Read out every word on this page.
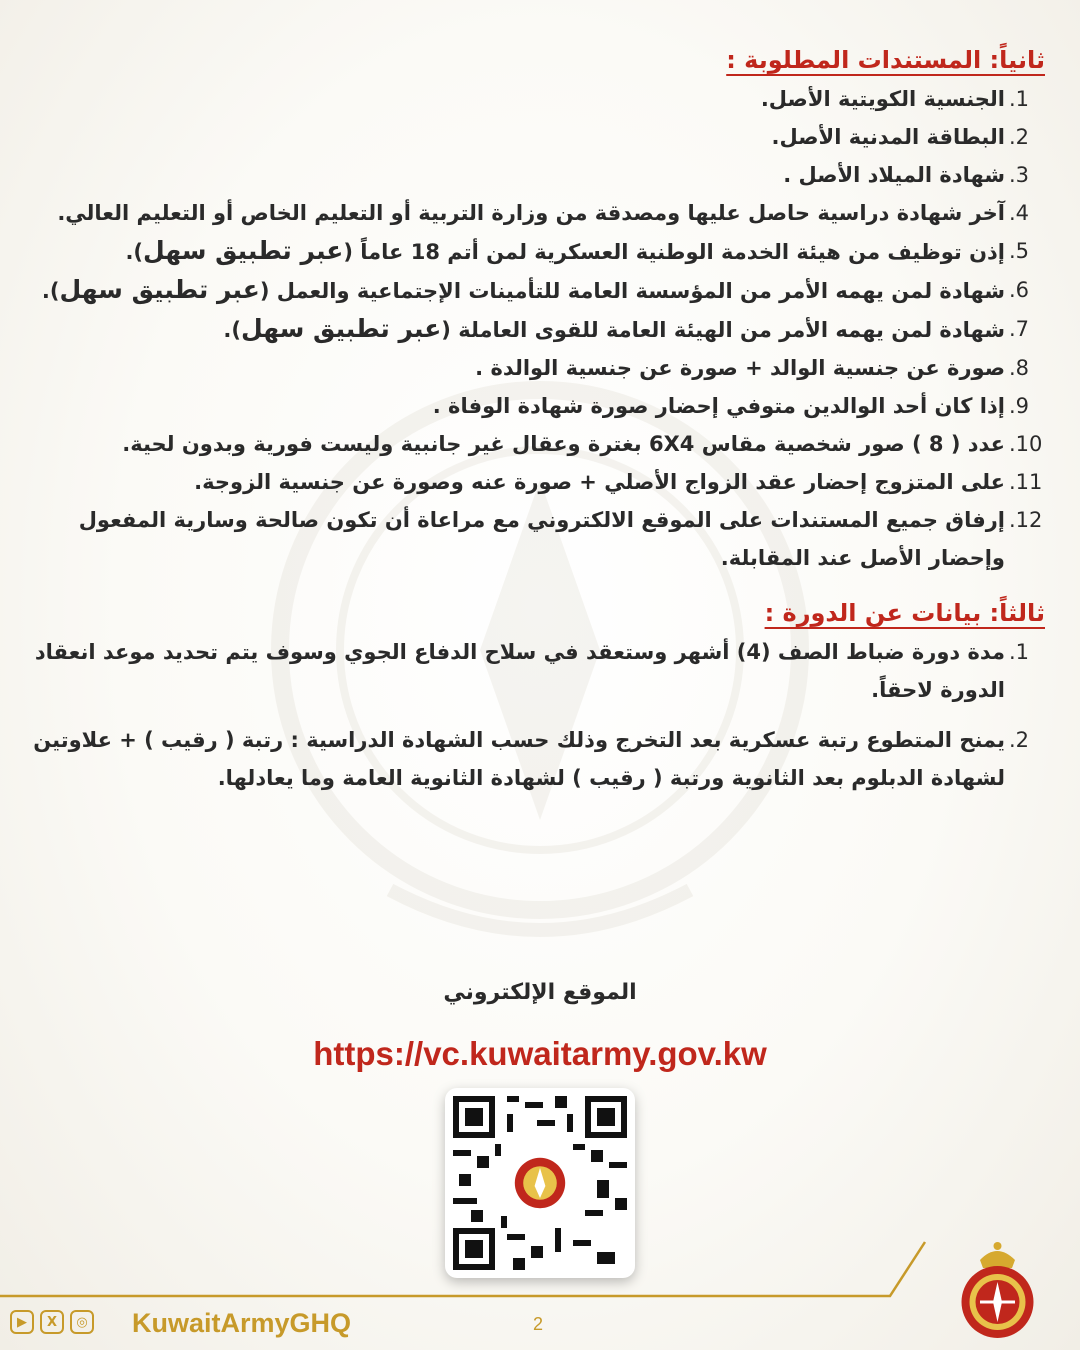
ثانياً: المستندات المطلوبة :
.1
الجنسية الكويتية الأصل.
.2
البطاقة المدنية الأصل.
.3
شهادة الميلاد الأصل .
.4
آخر شهادة دراسية حاصل عليها ومصدقة من وزارة التربية أو التعليم الخاص أو التعليم العالي.
.5
إذن توظيف من هيئة الخدمة الوطنية العسكرية لمن أتم 18 عاماً (عبر تطبيق سهل).
.6
شهادة لمن يهمه الأمر من المؤسسة العامة للتأمينات الإجتماعية والعمل (عبر تطبيق سهل).
.7
شهادة لمن يهمه الأمر من الهيئة العامة للقوى العاملة (عبر تطبيق سهل).
.8
صورة عن جنسية الوالد + صورة عن جنسية الوالدة .
.9
إذا كان أحد الوالدين متوفي إحضار صورة شهادة الوفاة .
.10
عدد ( 8 ) صور شخصية مقاس 6X4 بغترة وعقال غير جانبية وليست فورية وبدون لحية.
.11
على المتزوج إحضار عقد الزواج الأصلي + صورة عنه وصورة عن جنسية الزوجة.
.12
إرفاق جميع المستندات على الموقع الالكتروني مع مراعاة أن تكون صالحة وسارية المفعول وإحضار الأصل عند المقابلة.
ثالثاً: بيانات عن الدورة :
.1
مدة دورة ضباط الصف (4) أشهر وستعقد في سلاح الدفاع الجوي وسوف يتم تحديد موعد انعقاد الدورة لاحقاً.
.2
يمنح المتطوع رتبة عسكرية بعد التخرج وذلك حسب الشهادة الدراسية : رتبة ( رقيب ) + علاوتين لشهادة الدبلوم بعد الثانوية ورتبة ( رقيب ) لشهادة الثانوية العامة وما يعادلها.
الموقع الإلكتروني
https://vc.kuwaitarmy.gov.kw
▶	X	◎ KuwaitArmyGHQ	2
